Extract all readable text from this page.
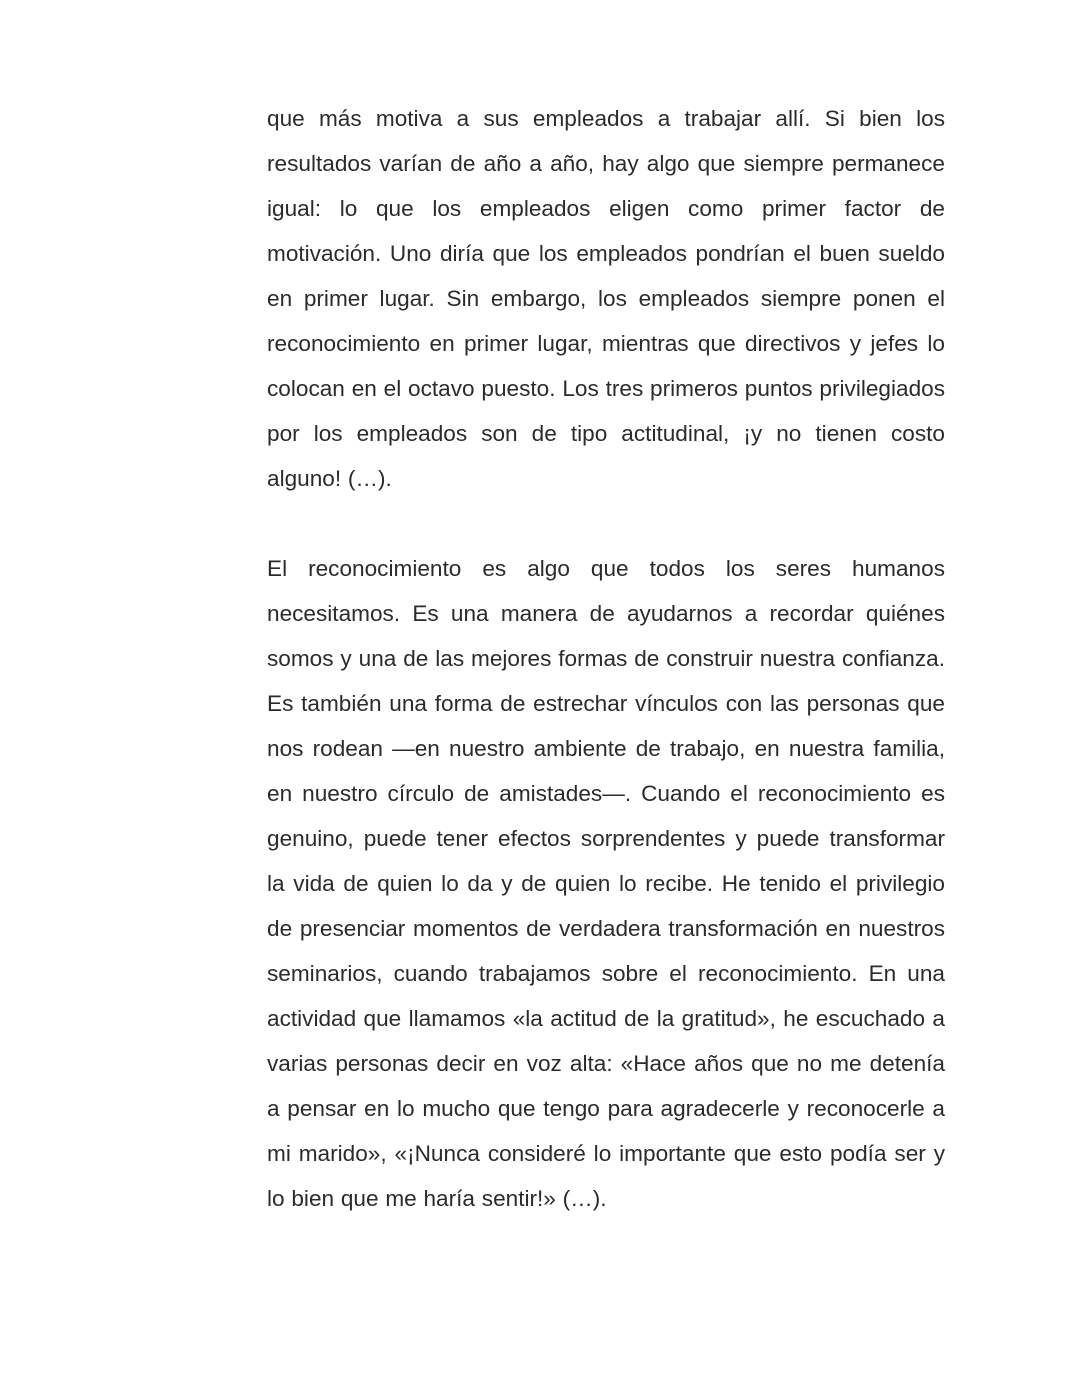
que más motiva a sus empleados a trabajar allí. Si bien los resultados varían de año a año, hay algo que siempre permanece igual: lo que los empleados eligen como primer factor de motivación. Uno diría que los empleados pondrían el buen sueldo en primer lugar. Sin embargo, los empleados siempre ponen el reconocimiento en primer lugar, mientras que directivos y jefes lo colocan en el octavo puesto. Los tres primeros puntos privilegiados por los empleados son de tipo actitudinal, ¡y no tienen costo alguno! (…).

El reconocimiento es algo que todos los seres humanos necesitamos. Es una manera de ayudarnos a recordar quiénes somos y una de las mejores formas de construir nuestra confianza. Es también una forma de estrechar vínculos con las personas que nos rodean —en nuestro ambiente de trabajo, en nuestra familia, en nuestro círculo de amistades—. Cuando el reconocimiento es genuino, puede tener efectos sorprendentes y puede transformar la vida de quien lo da y de quien lo recibe. He tenido el privilegio de presenciar momentos de verdadera transformación en nuestros seminarios, cuando trabajamos sobre el reconocimiento. En una actividad que llamamos «la actitud de la gratitud», he escuchado a varias personas decir en voz alta: «Hace años que no me detenía a pensar en lo mucho que tengo para agradecerle y reconocerle a mi marido», «¡Nunca consideré lo importante que esto podía ser y lo bien que me haría sentir!» (…).
